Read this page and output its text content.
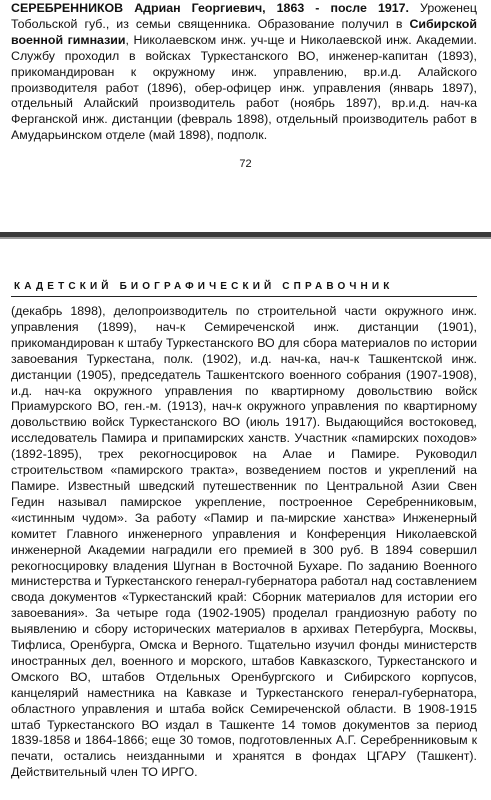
СЕРЕБРЕННИКОВ Адриан Георгиевич, 1863 - после 1917. Уроженец Тобольской губ., из семьи священника. Образование получил в Сибирской военной гимназии, Николаевском инж. уч-ще и Николаевской инж. Академии. Службу проходил в войсках Туркестанского ВО, инженер-капитан (1893), прикомандирован к окружному инж. управлению, вр.и.д. Алайского производителя работ (1896), обер-офицер инж. управления (январь 1897), отдельный Алайский производитель работ (ноябрь 1897), вр.и.д. нач-ка Ферганской инж. дистанции (февраль 1898), отдельный производитель работ в Амударьинском отделе (май 1898), подполк.

72
КАДЕТСКИЙ БИОГРАФИЧЕСКИЙ СПРАВОЧНИК

(декабрь 1898), делопроизводитель по строительной части окружного инж. управления (1899), нач-к Семиреченской инж. дистанции (1901), прикомандирован к штабу Туркестанского ВО для сбора материалов по истории завоевания Туркестана, полк. (1902), и.д. нач-ка, нач-к Ташкентской инж. дистанции (1905), председатель Ташкентского военного собрания (1907-1908), и.д. нач-ка окружного управления по квартирному довольствию войск Приамурского ВО, ген.-м. (1913), нач-к окружного управления по квартирному довольствию войск Туркестанского ВО (июль 1917). Выдающийся востоковед, исследователь Памира и припамирских ханств. Участник «памирских походов» (1892-1895), трех рекогносцировок на Алае и Памире. Руководил строительством «памирского тракта», возведением постов и укреплений на Памире. Известный шведский путешественник по Центральной Азии Свен Гедин называл памирское укрепление, построенное Серебренниковым, «истинным чудом». За работу «Памир и па-мирские ханства» Инженерный комитет Главного инженерного управления и Конференция Николаевской инженерной Академии наградили его премией в 300 руб. В 1894 совершил рекогносцировку владения Шугнан в Восточной Бухаре. По заданию Военного министерства и Туркестанского генерал-губернатора работал над составлением свода документов «Туркестанский край: Сборник материалов для истории его завоевания». За четыре года (1902-1905) проделал грандиозную работу по выявлению и сбору исторических материалов в архивах Петербурга, Москвы, Тифлиса, Оренбурга, Омска и Верного. Тщательно изучил фонды министерств иностранных дел, военного и морского, штабов Кавказского, Туркестанского и Омского ВО, штабов Отдельных Оренбургского и Сибирского корпусов, канцелярий наместника на Кавказе и Туркестанского генерал-губернатора, областного управления и штаба войск Семиреченской области. В 1908-1915 штаб Туркестанского ВО издал в Ташкенте 14 томов документов за период 1839-1858 и 1864-1866; еще 30 томов, подготовленных А.Г. Серебренниковым к печати, остались неизданными и хранятся в фондах ЦГАРУ (Ташкент). Действительный член ТО ИРГО.
